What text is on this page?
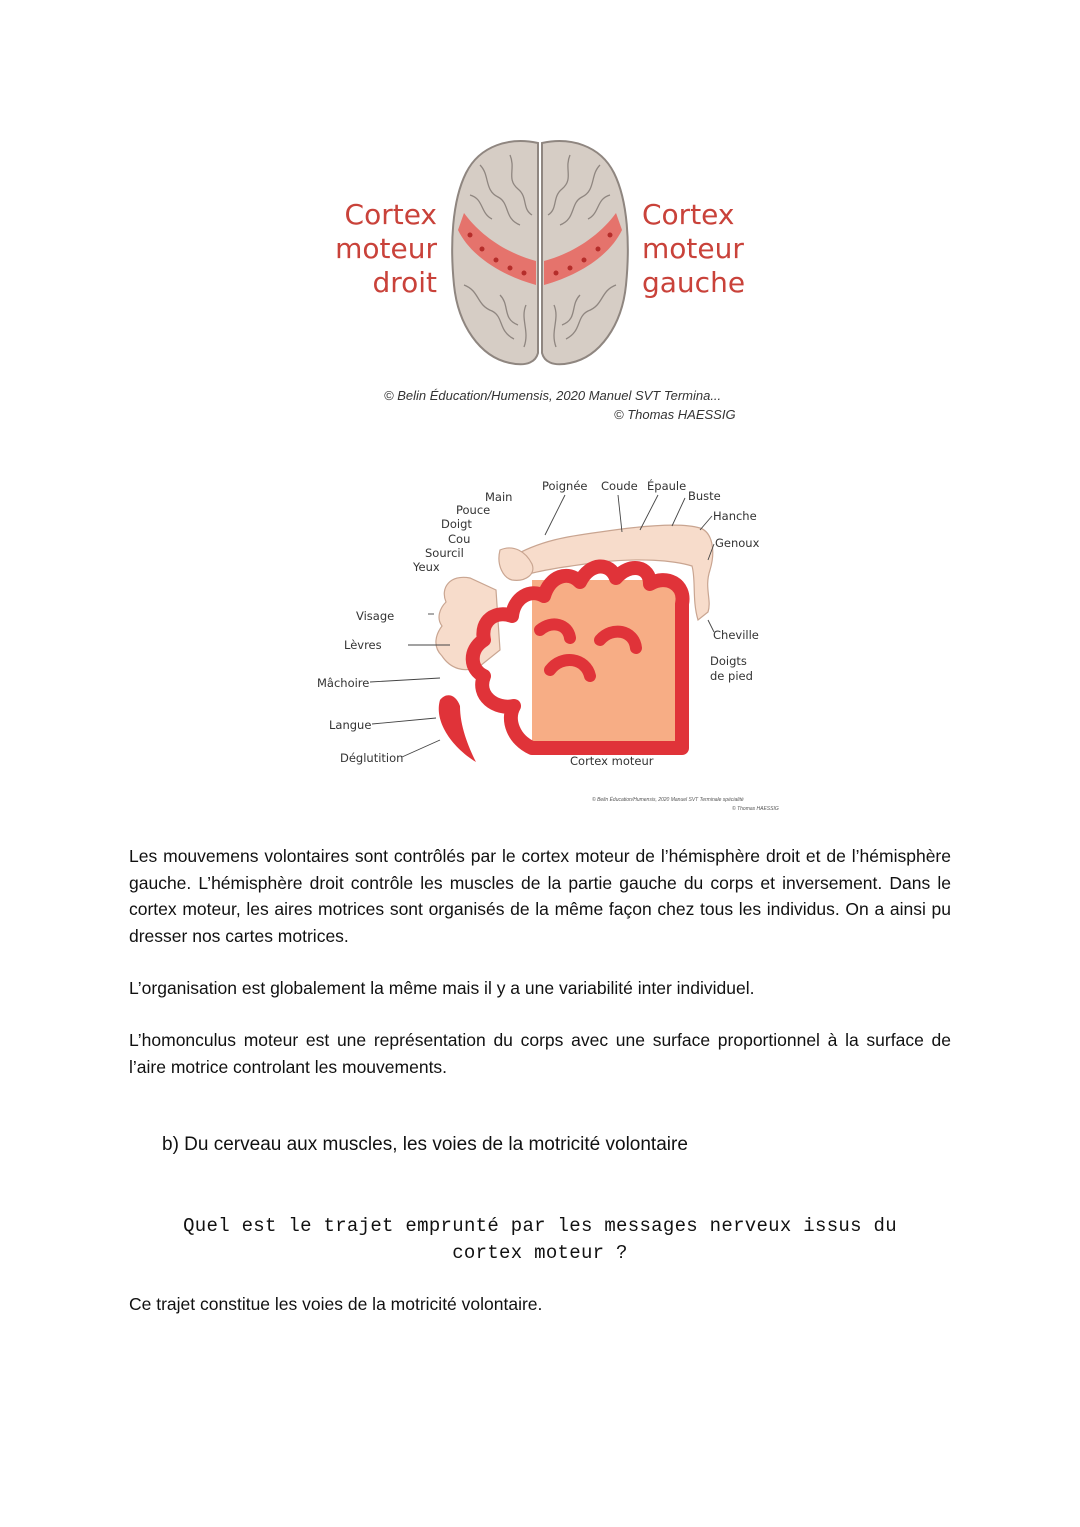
Cortex
moteur
droit
Cortex
moteur
gauche
© Belin Éducation/Humensis, 2020 Manuel SVT Termina...
© Thomas HAESSIG
Main
Pouce
Doigt
Cou
Sourcil
Yeux
Visage
Lèvres
Mâchoire
Langue
Déglutition
Poignée Coude Épaule
Buste
Hanche
Genoux
Cheville
Doigts
de pied
Cortex moteur
© Belin Éducation/Humensis, 2020 Manuel SVT Terminale spécialité
© Thomas HAESSIG

Les mouvemens volontaires sont contrôlés par le cortex moteur de l’hémisphère droit et de l’hémisphère gauche. L’hémisphère droit contrôle les muscles de la partie gauche du corps et inversement. Dans le cortex moteur, les aires motrices sont organisés de la même façon chez tous les individus. On a ainsi pu dresser nos cartes motrices.

L’organisation est globalement la même mais il y a une variabilité inter individuel.

L’homonculus moteur est une représentation du corps avec une surface proportionnel à la surface de l’aire motrice controlant les mouvements.

b) Du cerveau aux muscles, les voies de la motricité volontaire
Quel est le trajet emprunté par les messages nerveux issus du
cortex moteur ?
Ce trajet constitue les voies de la motricité volontaire.
